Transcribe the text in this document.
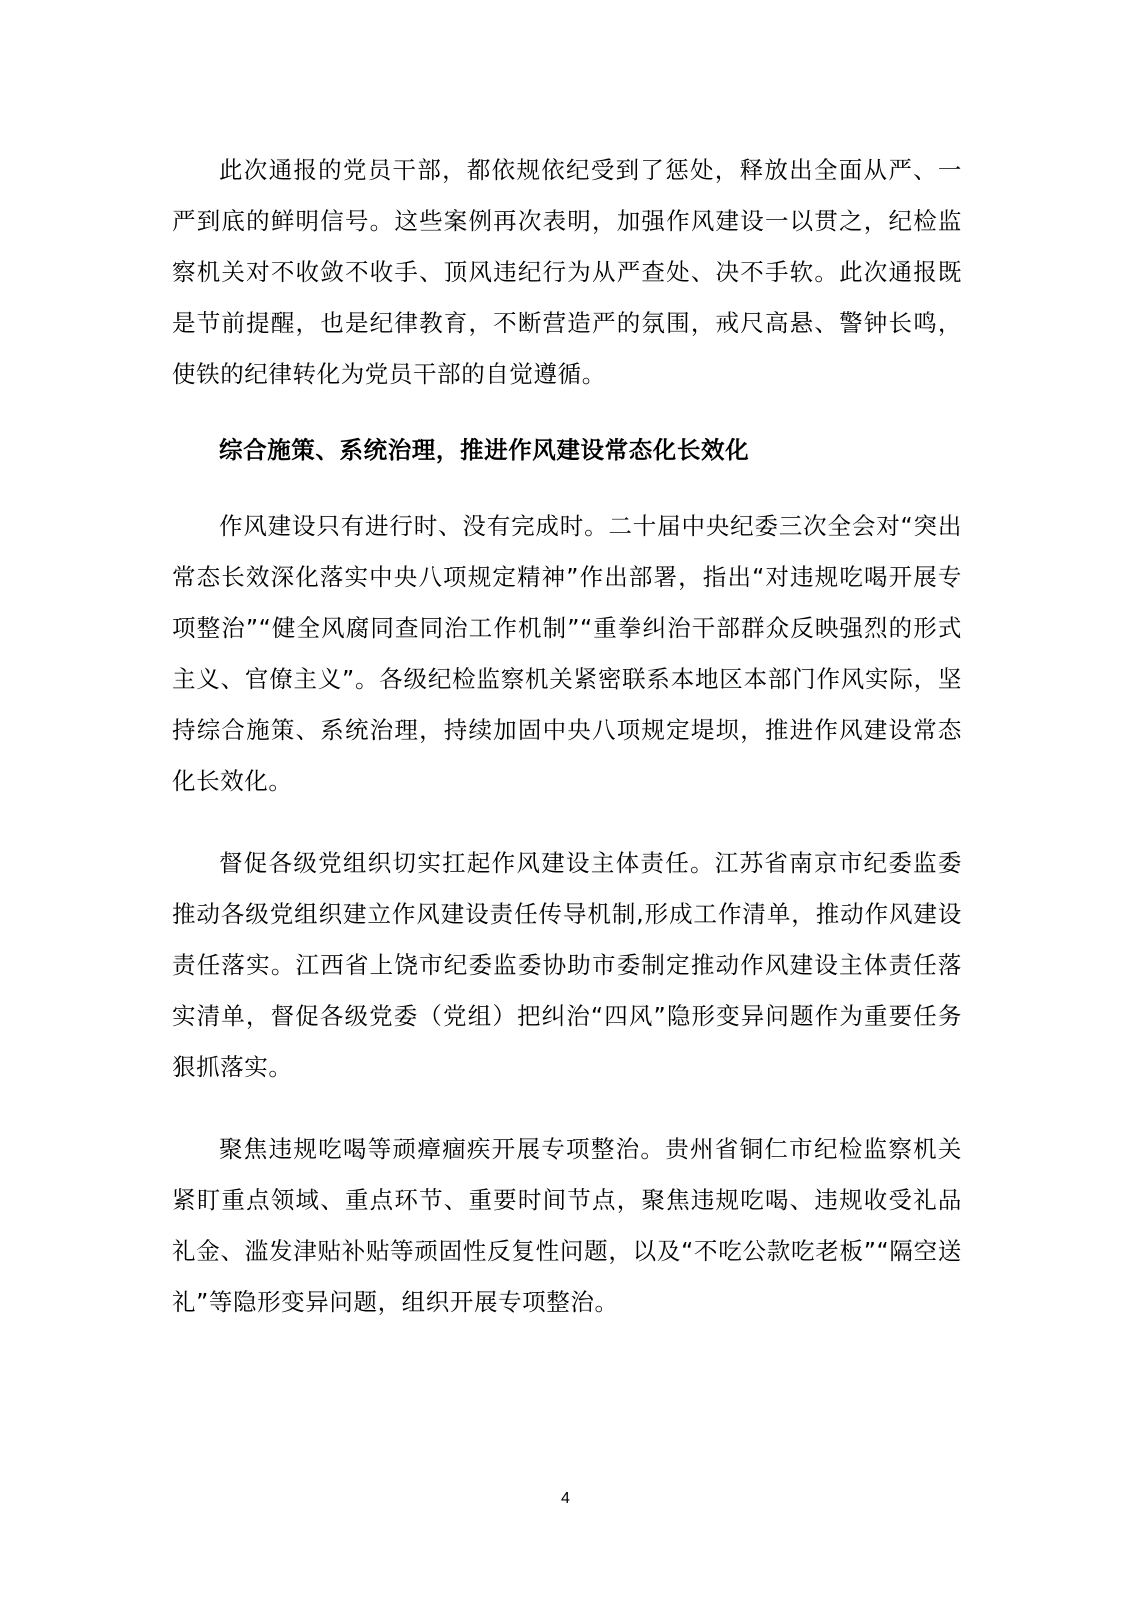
此次通报的党员干部，都依规依纪受到了惩处，释放出全面从严、一严到底的鲜明信号。这些案例再次表明，加强作风建设一以贯之，纪检监察机关对不收敛不收手、顶风违纪行为从严查处、决不手软。此次通报既是节前提醒，也是纪律教育，不断营造严的氛围，戒尺高悬、警钟长鸣，使铁的纪律转化为党员干部的自觉遵循。

综合施策、系统治理，推进作风建设常态化长效化

作风建设只有进行时、没有完成时。二十届中央纪委三次全会对“突出常态长效深化落实中央八项规定精神”作出部署，指出“对违规吃喝开展专项整治”“健全风腐同查同治工作机制”“重拳纠治干部群众反映强烈的形式主义、官僚主义”。各级纪检监察机关紧密联系本地区本部门作风实际，坚持综合施策、系统治理，持续加固中央八项规定堤坝，推进作风建设常态化长效化。

督促各级党组织切实扛起作风建设主体责任。江苏省南京市纪委监委推动各级党组织建立作风建设责任传导机制,形成工作清单，推动作风建设责任落实。江西省上饶市纪委监委协助市委制定推动作风建设主体责任落实清单，督促各级党委（党组）把纠治“四风”隐形变异问题作为重要任务狠抓落实。

聚焦违规吃喝等顽瘴痼疾开展专项整治。贵州省铜仁市纪检监察机关紧盯重点领域、重点环节、重要时间节点，聚焦违规吃喝、违规收受礼品礼金、滥发津贴补贴等顽固性反复性问题，以及“不吃公款吃老板”“隔空送礼”等隐形变异问题，组织开展专项整治。

4
